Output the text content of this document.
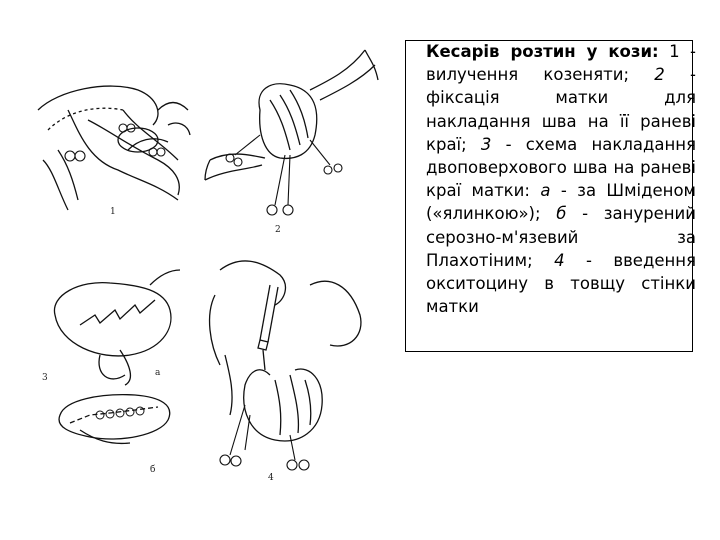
1
2
3	а
б
4
Кесарів розтин у кози: 1 - вилучення козеняти; 2 - фіксація матки для накладання шва на її раневі краї; 3 - схема накладання двоповерхового шва на раневі краї матки: а - за Шміденом («ялинкою»); б - занурений серозно-м'язевий за Плахотіним; 4 - введення окситоцину в товщу стінки матки
